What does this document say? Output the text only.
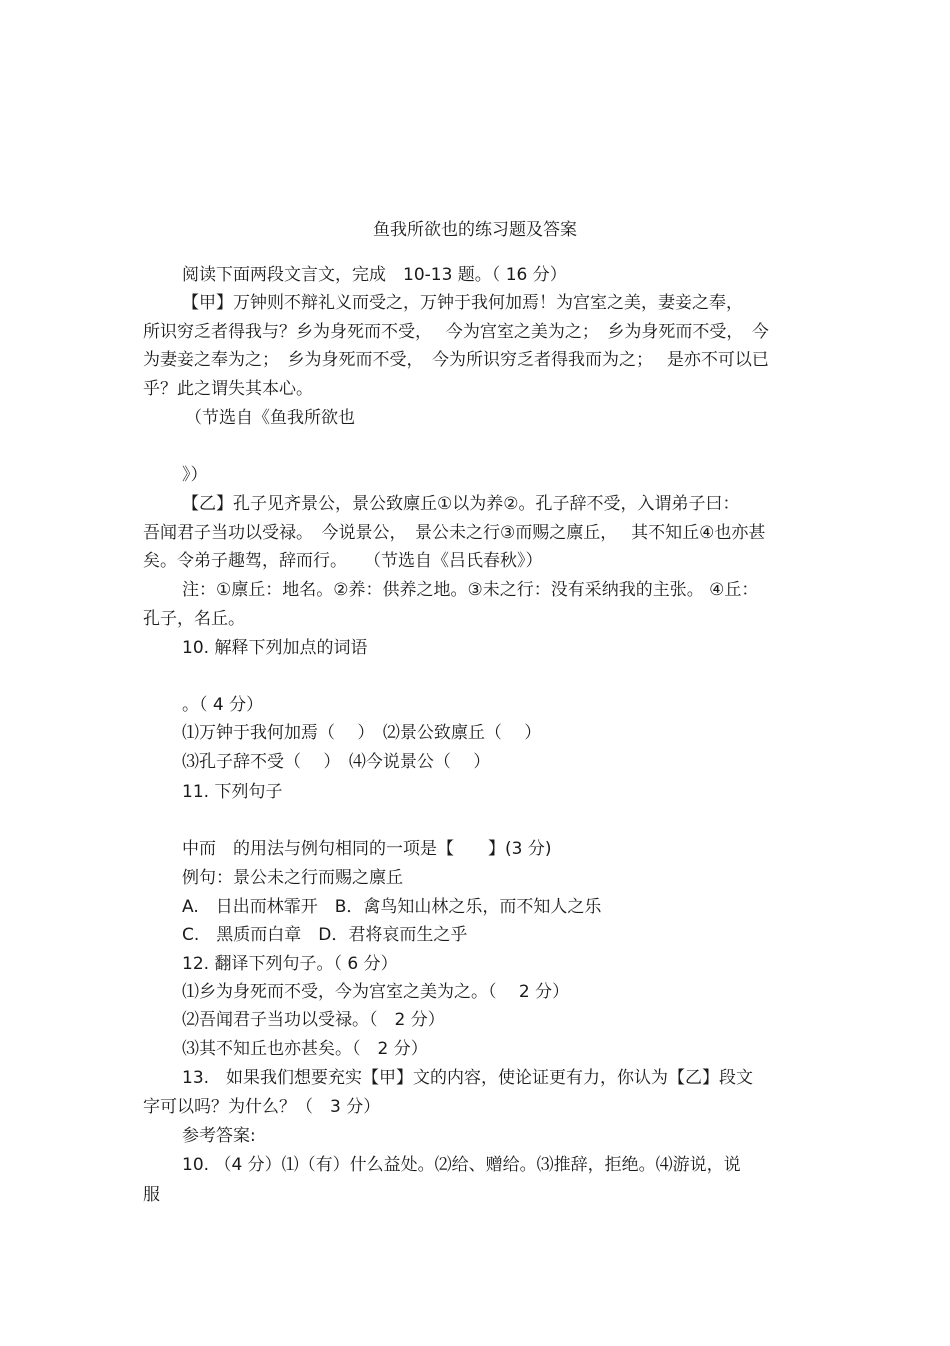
鱼我所欲也的练习题及答案
阅读下面两段文言文，完成　10-13 题。（ 16 分）
【甲】万钟则不辩礼义而受之，万钟于我何加焉！为宫室之美，妻妾之奉，
所识穷乏者得我与？乡为身死而不受，　 今为宫室之美为之；　乡为身死而不受，　今
为妻妾之奉为之；　乡为身死而不受，　今为所识穷乏者得我而为之；　 是亦不可以已
乎？此之谓失其本心。
（节选自《鱼我所欲也
》）
【乙】孔子见齐景公，景公致廪丘①以为养②。孔子辞不受，入谓弟子曰：
吾闻君子当功以受禄。　今说景公，　景公未之行③而赐之廪丘，　 其不知丘④也亦甚
矣。令弟子趣驾，辞而行。　　（节选自《吕氏春秋》）
注：①廪丘：地名。②养：供养之地。③未之行：没有采纳我的主张。 ④丘：
孔子，名丘。
10. 解释下列加点的词语
。（ 4 分）
⑴万钟于我何加焉（　 ）　⑵景公致廪丘（　 ）
⑶孔子辞不受（　 ）　⑷今说景公（　 ）
11. 下列句子
中而　的用法与例句相同的一项是【　　】(3 分)
例句：景公未之行而赐之廪丘
A.　日出而林霏开　B．禽鸟知山林之乐，而不知人之乐
C.　黑质而白章　D．君将哀而生之乎
12. 翻译下列句子。（ 6 分）
⑴乡为身死而不受，今为宫室之美为之。（　 2 分）
⑵吾闻君子当功以受禄。（　2 分）
⑶其不知丘也亦甚矣。（　2 分）
13.　如果我们想要充实【甲】文的内容，使论证更有力，你认为【乙】段文
字可以吗？为什么？（　3 分）
参考答案:
10. （4 分）⑴（有）什么益处。⑵给、赠给。⑶推辞，拒绝。⑷游说，说
服
